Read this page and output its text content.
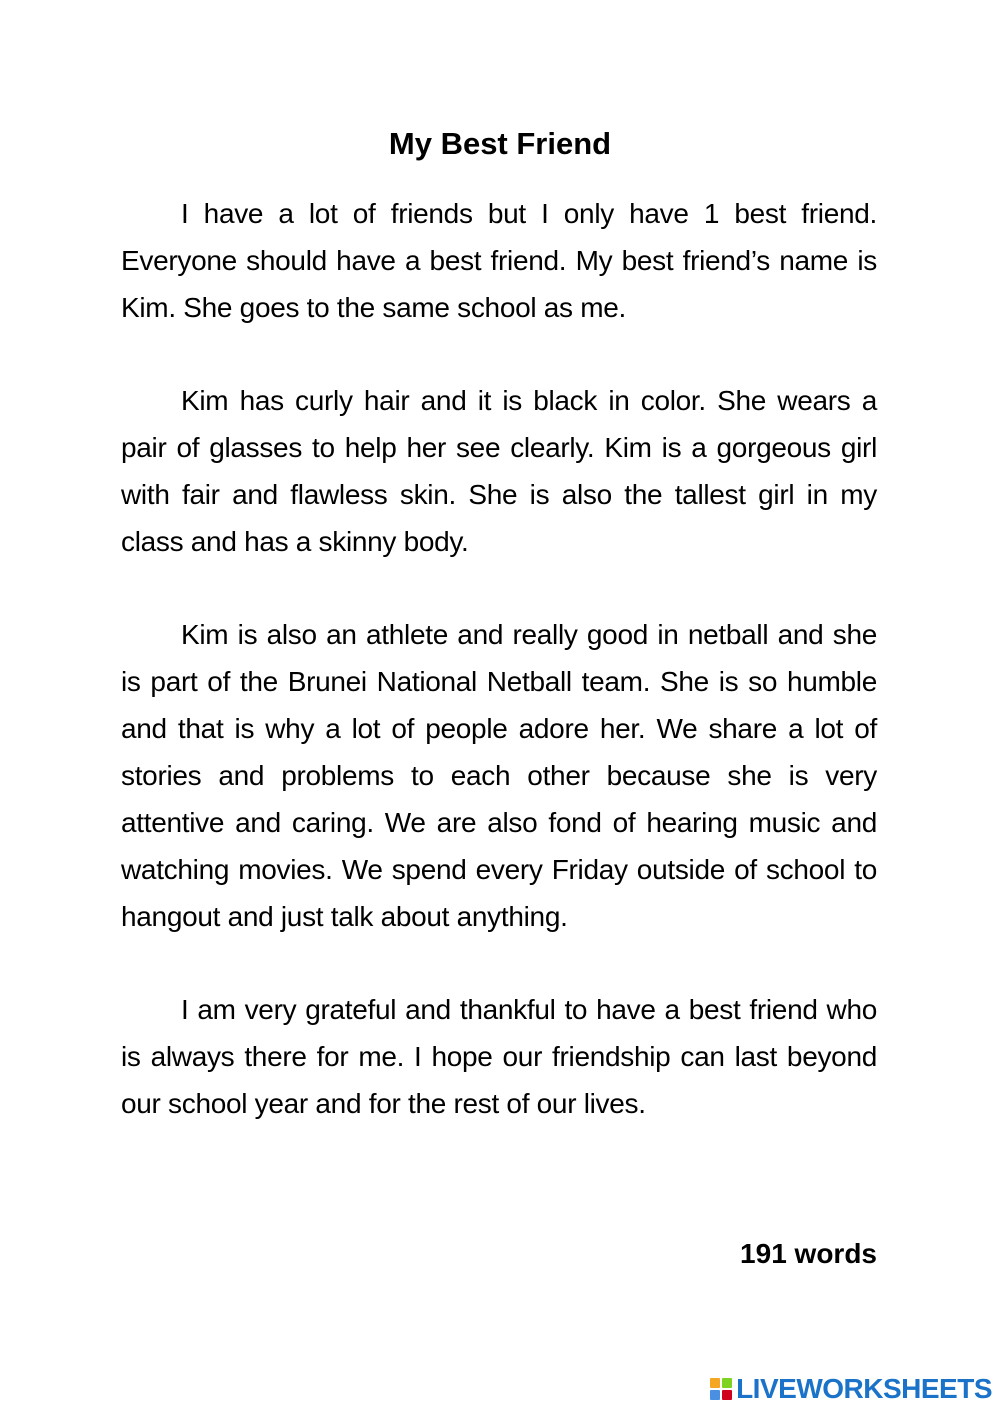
My Best Friend

I have a lot of friends but I only have 1 best friend. Everyone should have a best friend. My best friend’s name is Kim. She goes to the same school as me.

Kim has curly hair and it is black in color. She wears a pair of glasses to help her see clearly. Kim is a gorgeous girl with fair and flawless skin. She is also the tallest girl in my class and has a skinny body.

Kim is also an athlete and really good in netball and she is part of the Brunei National Netball team. She is so humble and that is why a lot of people adore her. We share a lot of stories and problems to each other because she is very attentive and caring. We are also fond of hearing music and watching movies. We spend every Friday outside of school to hangout and just talk about anything.

I am very grateful and thankful to have a best friend who is always there for me. I hope our friendship can last beyond our school year and for the rest of our lives.

191 words
LIVEWORKSHEETS
